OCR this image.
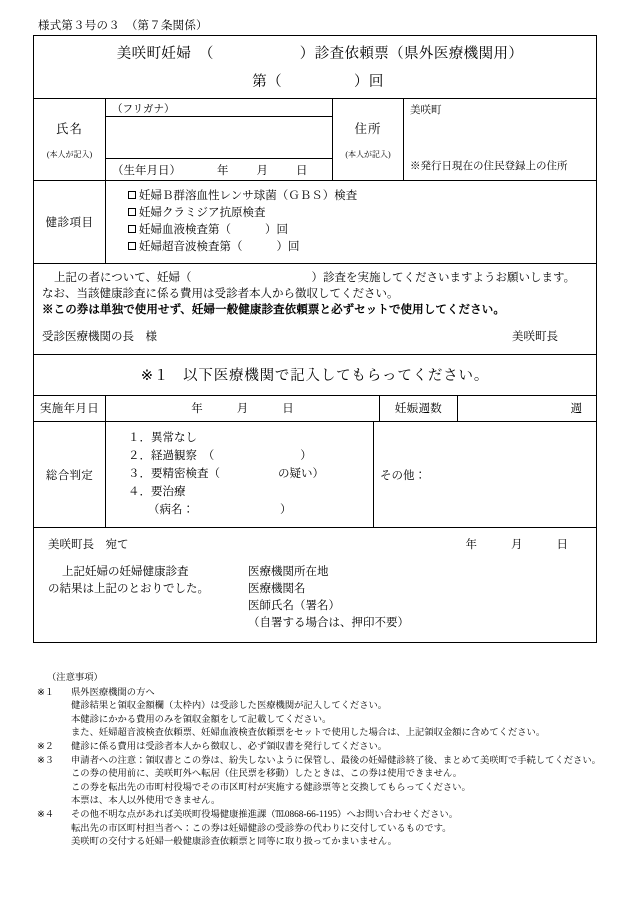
様式第３号の３　（第７条関係）
美咲町妊婦　（	）診査依頼票（県外医療機関用）
第（	）回
氏名
(本人が記入)
（フリガナ）
（生年月日）	年 月 日
住所
(本人が記入)
美咲町
※発行日現在の住民登録上の住所
健診項目
妊婦Ｂ群溶血性レンサ球菌（ＧＢＳ）検査
妊婦クラミジア抗原検査
妊婦血液検査第（	）回
妊婦超音波検査第（	）回
上記の者について、妊婦（	）診査を実施してくださいますようお願いします。
なお、当該健康診査に係る費用は受診者本人から徴収してください。
※この券は単独で使用せず、妊婦一般健康診査依頼票と必ずセットで使用してください。
受診医療機関の長　様	美咲町長
※１ 以下医療機関で記入してもらってください。
実施年月日	年	月	日	妊娠週数	週
総合判定
１．異常なし
２．経過観察　（	）
３．要精密検査（	の疑い）
４．要治療
（病名：	）
その他：
美咲町長　宛て	年	月	日
上記妊婦の妊婦健康診査
の結果は上記のとおりでした。
医療機関所在地
医療機関名
医師氏名（署名）
（自署する場合は、押印不要）
（注意事項）
※１	県外医療機関の方へ
健診結果と領収金額欄（太枠内）は受診した医療機関が記入してください。
本健診にかかる費用のみを領収金額をして記載してください。
また、妊婦超音波検査依頼票、妊婦血液検査依頼票をセットで使用した場合は、上記領収金額に含めてください。
※２	健診に係る費用は受診者本人から徴収し、必ず領収書を発行してください。
※３	申請者への注意：領収書とこの券は、紛失しないように保管し、最後の妊婦健診終了後、まとめて美咲町で手続してください。
この券の使用前に、美咲町外へ転居（住民票を移動）したときは、この券は使用できません。
この券を転出先の市町村役場でその市区町村が実施する健診票等と交換してもらってください。
本票は、本人以外使用できません。
※４	その他不明な点があれば美咲町役場健康推進課（℡0868-66-1195）へお問い合わせください。
転出先の市区町村担当者へ：この券は妊婦健診の受診券の代わりに交付しているものです。
美咲町の交付する妊婦一般健康診査依頼票と同等に取り扱ってかまいません。
